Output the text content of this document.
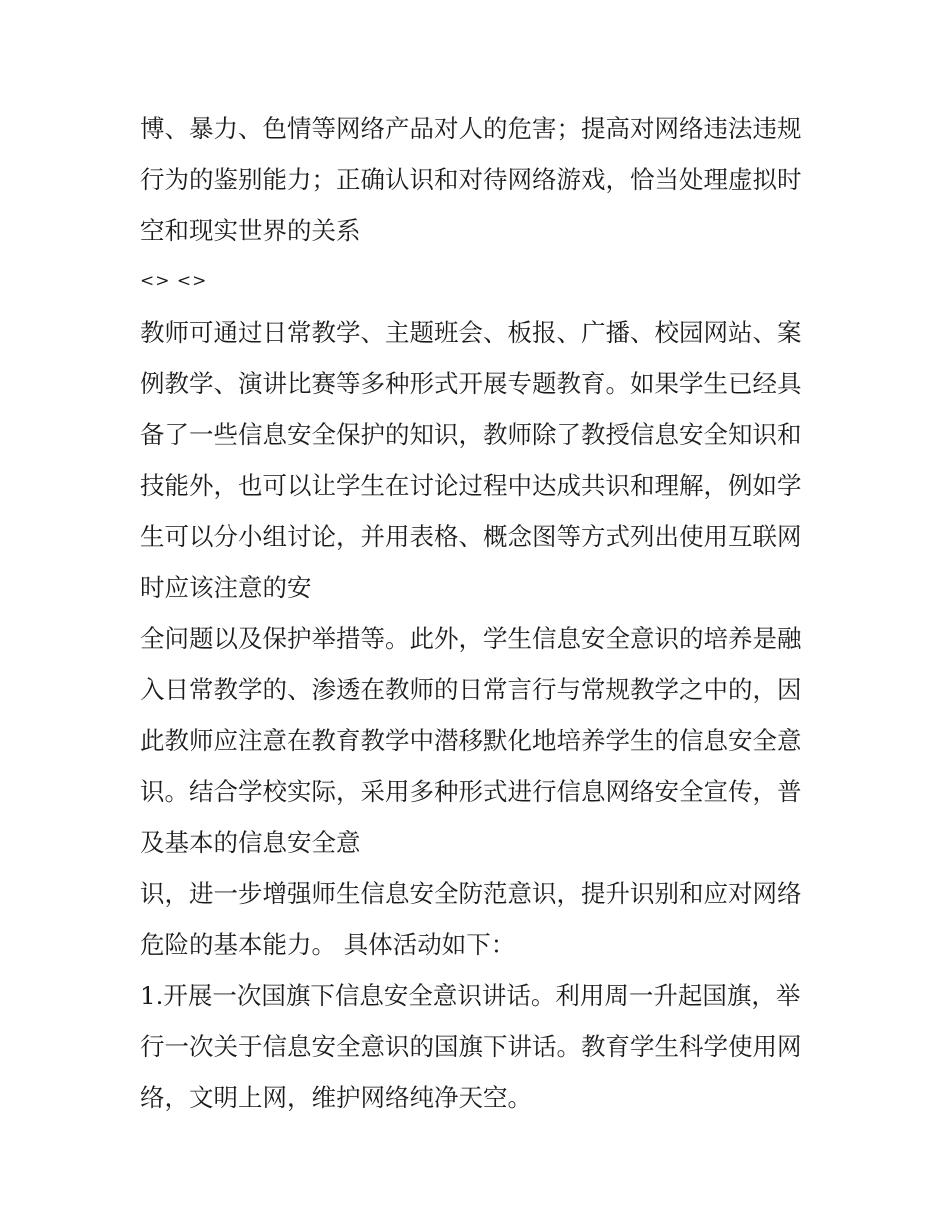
博、暴力、色情等网络产品对人的危害；提高对网络违法违规
行为的鉴别能力；正确认识和对待网络游戏，恰当处理虚拟时
空和现实世界的关系
<> <>
教师可通过日常教学、主题班会、板报、广播、校园网站、案
例教学、演讲比赛等多种形式开展专题教育。如果学生已经具
备了一些信息安全保护的知识，教师除了教授信息安全知识和
技能外，也可以让学生在讨论过程中达成共识和理解，例如学
生可以分小组讨论，并用表格、概念图等方式列出使用互联网
时应该注意的安
全问题以及保护举措等。此外，学生信息安全意识的培养是融
入日常教学的、渗透在教师的日常言行与常规教学之中的，因
此教师应注意在教育教学中潜移默化地培养学生的信息安全意
识。结合学校实际，采用多种形式进行信息网络安全宣传，普
及基本的信息安全意
识，进一步增强师生信息安全防范意识，提升识别和应对网络
危险的基本能力。 具体活动如下：
1.开展一次国旗下信息安全意识讲话。利用周一升起国旗，举
行一次关于信息安全意识的国旗下讲话。教育学生科学使用网
络，文明上网，维护网络纯净天空。
